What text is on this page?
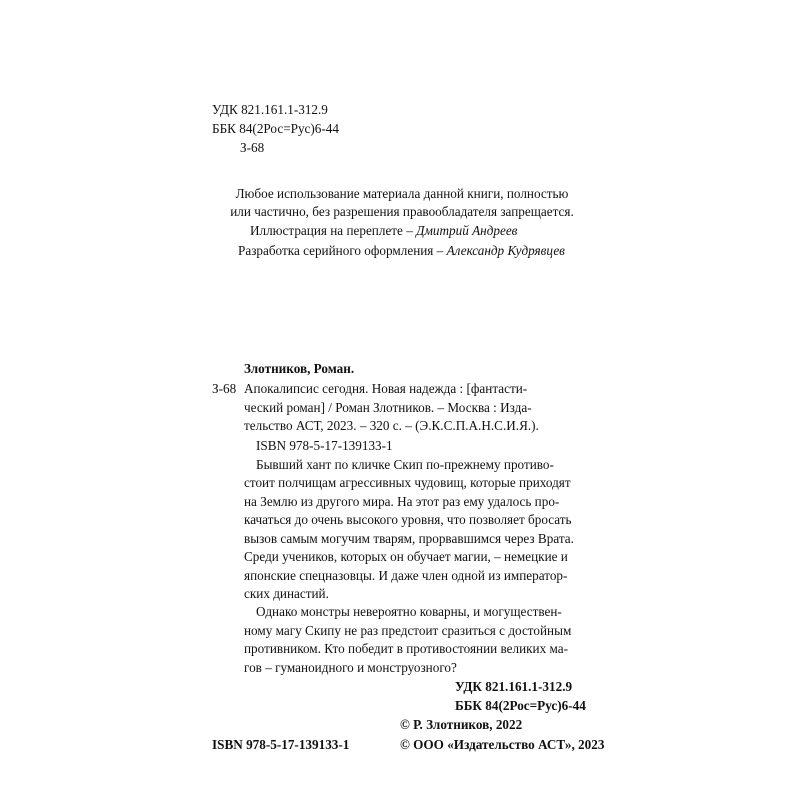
УДК 821.161.1-312.9
ББК 84(2Рос=Рус)6-44
З-68
Любое использование материала данной книги, полностью
или частично, без разрешения правообладателя запрещается.
Иллюстрация на переплете – Дмитрий Андреев
Разработка серийного оформления – Александр Кудрявцев
Злотников, Роман.
З-68 Апокалипсис сегодня. Новая надежда : [фантасти-
ческий роман] / Роман Злотников. – Москва : Изда-
тельство АСТ, 2023. – 320 с. – (Э.К.С.П.А.Н.С.И.Я.).
ISBN 978-5-17-139133-1
Бывший хант по кличке Скип по-прежнему противо-
стоит полчищам агрессивных чудовищ, которые приходят
на Землю из другого мира. На этот раз ему удалось про-
качаться до очень высокого уровня, что позволяет бросать
вызов самым могучим тварям, прорвавшимся через Врата.
Среди учеников, которых он обучает магии, – немецкие и
японские спецназовцы. И даже член одной из император-
ских династий.
Однако монстры невероятно коварны, и могуществен-
ному магу Скипу не раз предстоит сразиться с достойным
противником. Кто победит в противостоянии великих ма-
гов – гуманоидного и монструозного?
УДК 821.161.1-312.9
ББК 84(2Рос=Рус)6-44
ISBN 978-5-17-139133-1
© Р. Злотников, 2022
© ООО «Издательство АСТ», 2023
